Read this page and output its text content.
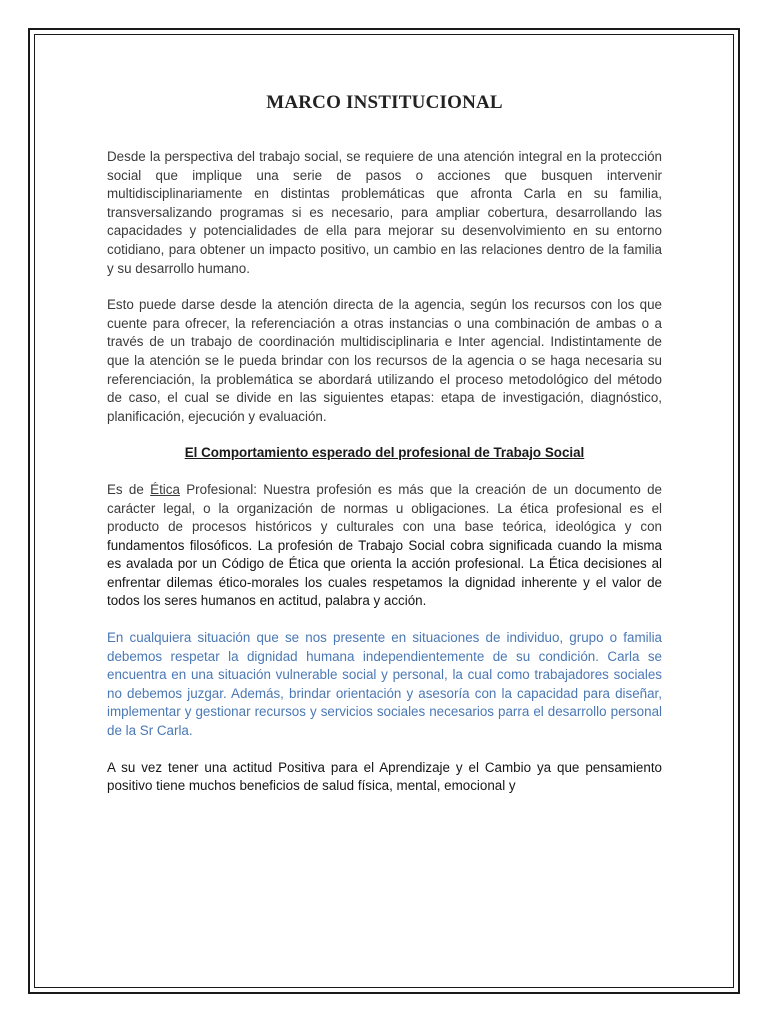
MARCO INSTITUCIONAL

Desde la perspectiva del trabajo social, se requiere de una atención integral en la protección social que implique una serie de pasos o acciones que busquen intervenir multidisciplinariamente en distintas problemáticas que afronta Carla en su familia, transversalizando programas si es necesario, para ampliar cobertura, desarrollando las capacidades y potencialidades de ella para mejorar su desenvolvimiento en su entorno cotidiano, para obtener un impacto positivo, un cambio en las relaciones dentro de la familia y su desarrollo humano.

Esto puede darse desde la atención directa de la agencia, según los recursos con los que cuente para ofrecer, la referenciación a otras instancias o una combinación de ambas o a través de un trabajo de coordinación multidisciplinaria e Inter agencial. Indistintamente de que la atención se le pueda brindar con los recursos de la agencia o se haga necesaria su referenciación, la problemática se abordará utilizando el proceso metodológico del método de caso, el cual se divide en las siguientes etapas: etapa de investigación, diagnóstico, planificación, ejecución y evaluación.

El Comportamiento esperado del profesional de Trabajo Social

Es de Ética Profesional: Nuestra profesión es más que la creación de un documento de carácter legal, o la organización de normas u obligaciones. La ética profesional es el producto de procesos históricos y culturales con una base teórica, ideológica y con fundamentos filosóficos. La profesión de Trabajo Social cobra significada cuando la misma es avalada por un Código de Ética que orienta la acción profesional. La Ética decisiones al enfrentar dilemas ético-morales los cuales respetamos la dignidad inherente y el valor de todos los seres humanos en actitud, palabra y acción.

En cualquiera situación que se nos presente en situaciones de individuo, grupo o familia debemos respetar la dignidad humana independientemente de su condición. Carla se encuentra en una situación vulnerable social y personal, la cual como trabajadores sociales no debemos juzgar. Además, brindar orientación y asesoría con la capacidad para diseñar, implementar y gestionar recursos y servicios sociales necesarios parra el desarrollo personal de la Sr Carla.

A su vez tener una actitud Positiva para el Aprendizaje y el Cambio ya que pensamiento positivo tiene muchos beneficios de salud física, mental, emocional y
